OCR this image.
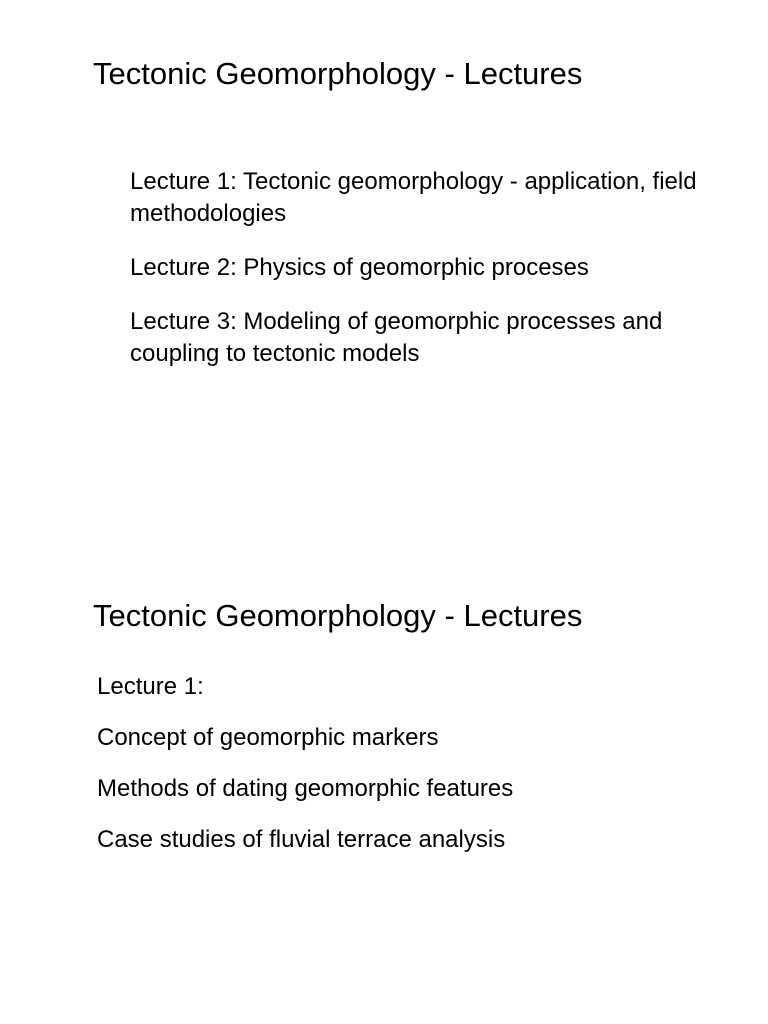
Tectonic Geomorphology - Lectures
Lecture 1: Tectonic geomorphology - application, field methodologies
Lecture 2: Physics of geomorphic proceses
Lecture 3: Modeling of geomorphic processes and coupling to tectonic models
Tectonic Geomorphology - Lectures
Lecture 1:
Concept of geomorphic markers
Methods of dating geomorphic features
Case studies of fluvial terrace analysis
